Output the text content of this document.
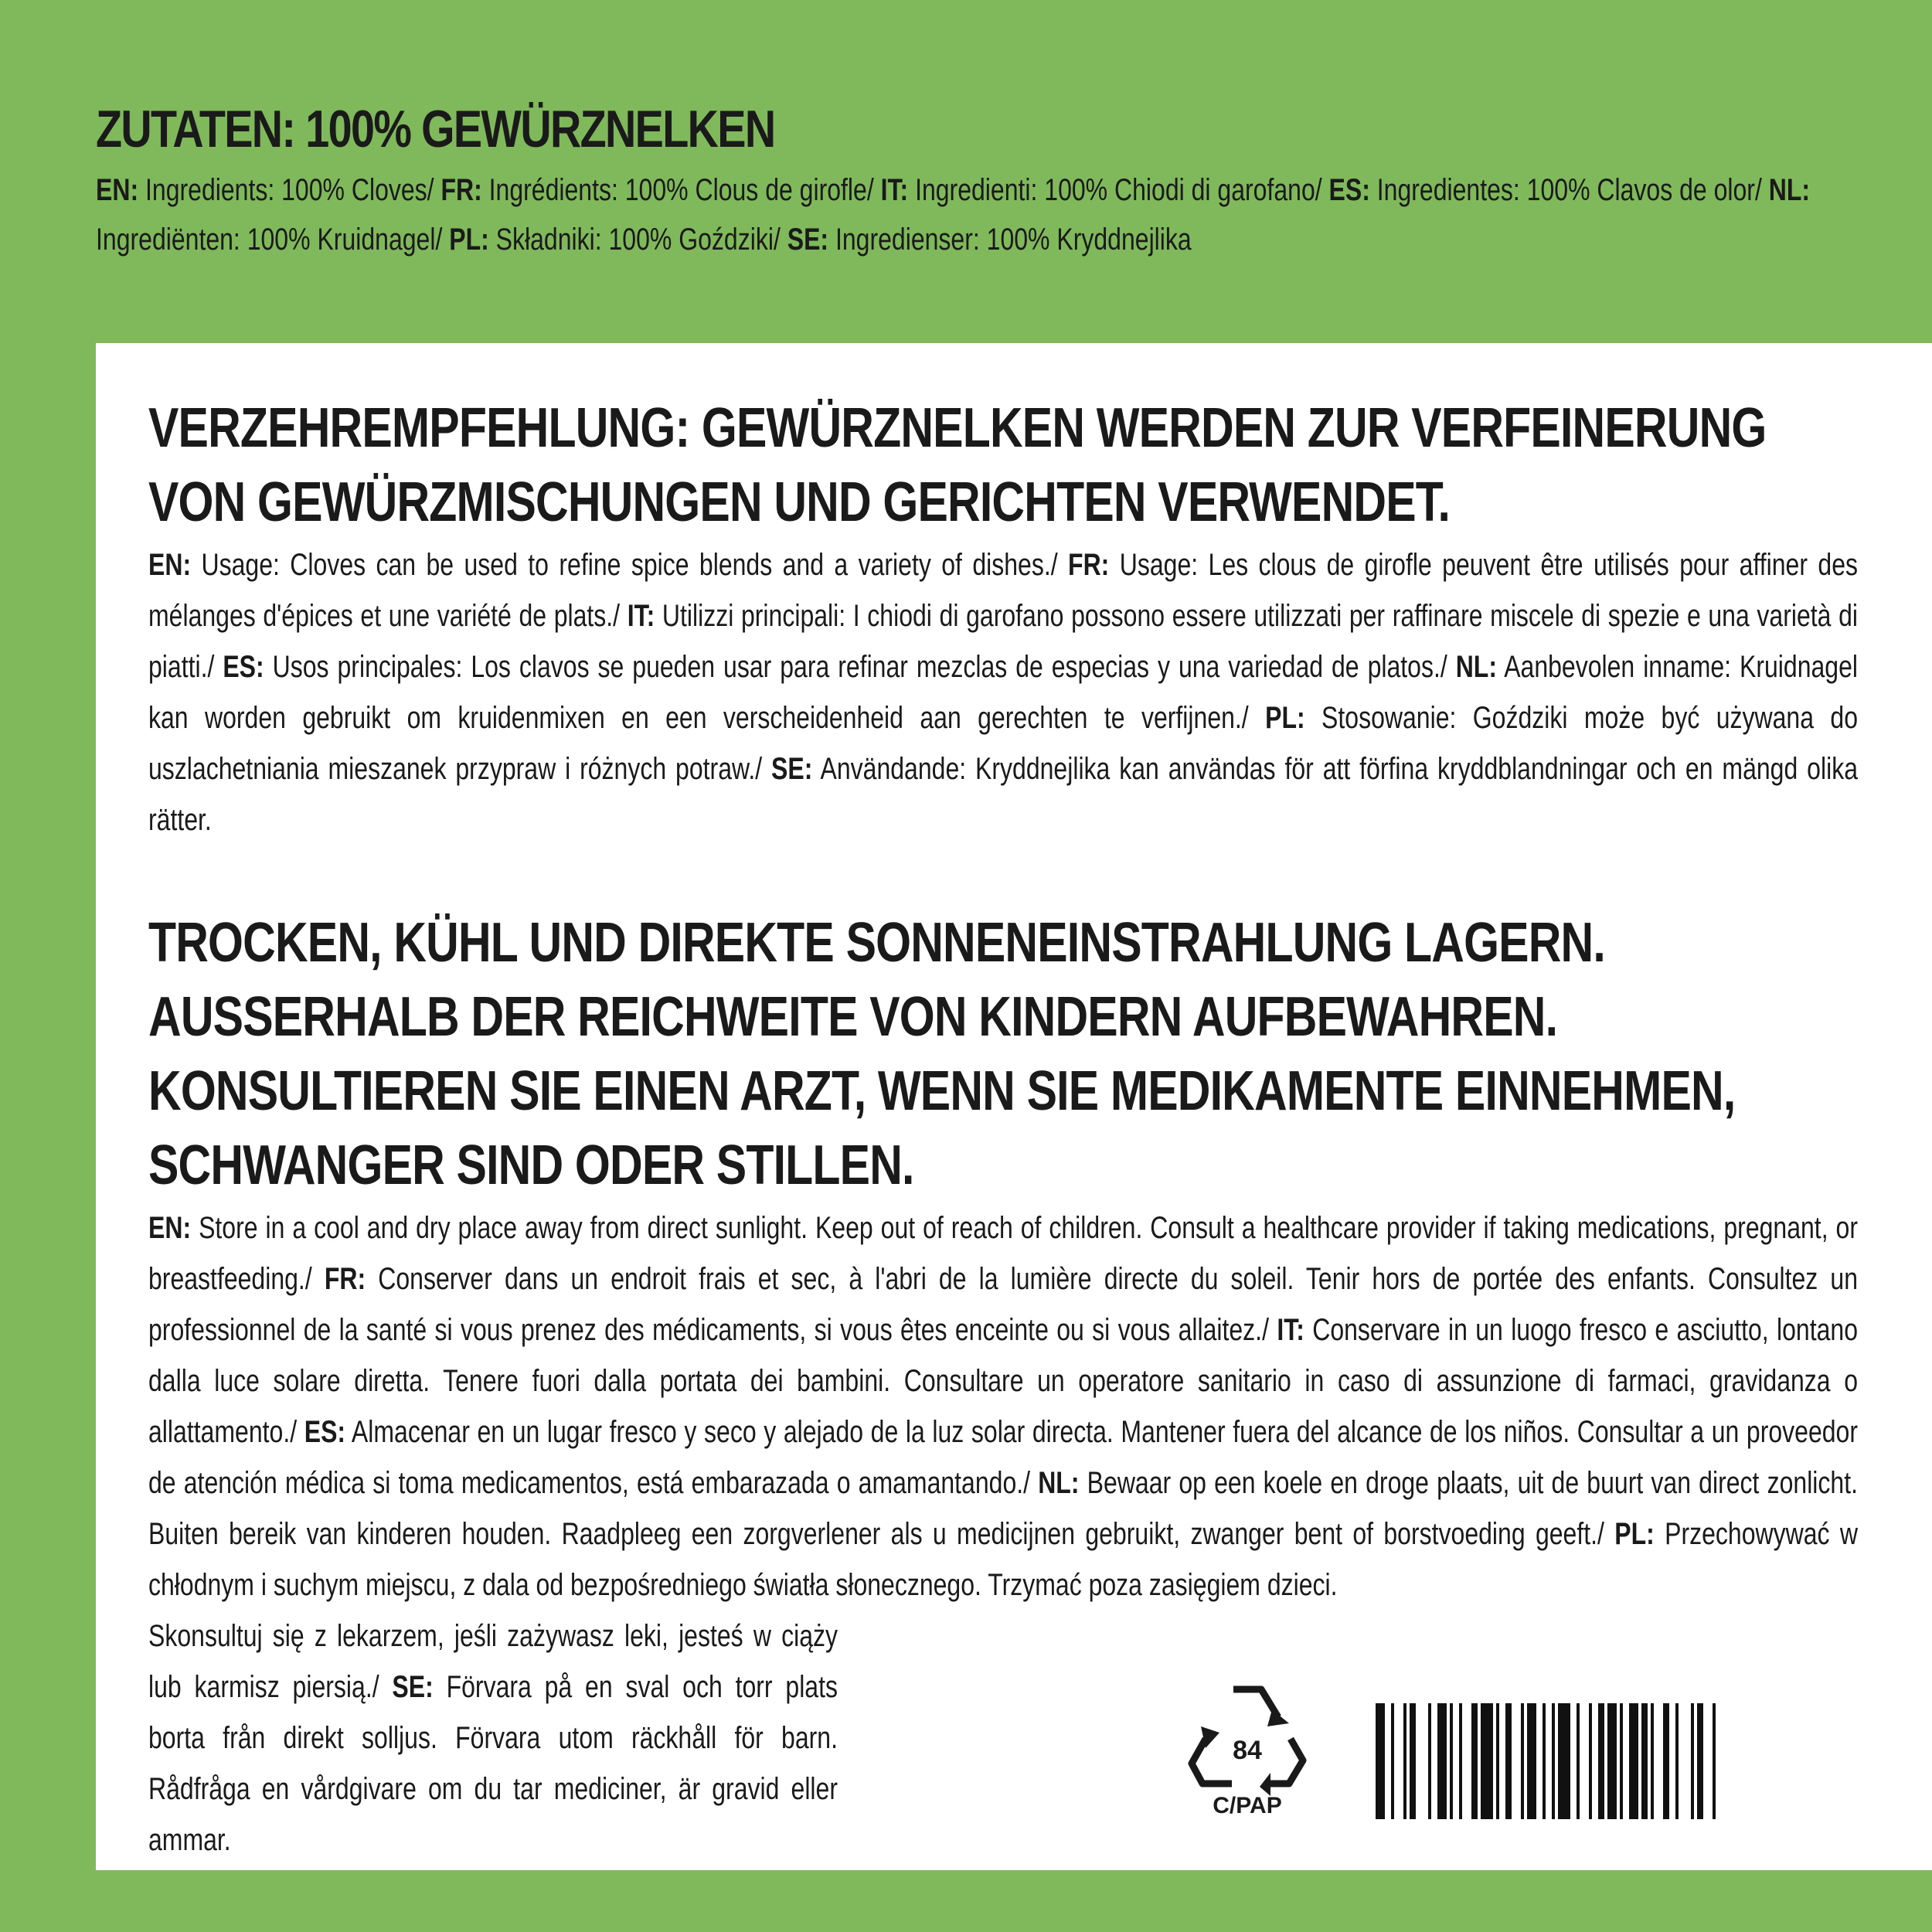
ZUTATEN: 100% GEWÜRZNELKEN

EN: Ingredients: 100% Cloves/ FR: Ingrédients: 100% Clous de girofle/ IT: Ingredienti: 100% Chiodi di garofano/ ES: Ingredientes: 100% Clavos de olor/ NL: Ingrediënten: 100% Kruidnagel/ PL: Składniki: 100% Goździki/ SE: Ingredienser: 100% Kryddnejlika

VERZEHREMPFEHLUNG: GEWÜRZNELKEN WERDEN ZUR VERFEINERUNG VON GEWÜRZMISCHUNGEN UND GERICHTEN VERWENDET.

EN: Usage: Cloves can be used to refine spice blends and a variety of dishes./ FR: Usage: Les clous de girofle peuvent être utilisés pour affiner des mélanges d'épices et une variété de plats./ IT: Utilizzi principali: I chiodi di garofano possono essere utilizzati per raffinare miscele di spezie e una varietà di piatti./ ES: Usos principales: Los clavos se pueden usar para refinar mezclas de especias y una variedad de platos./ NL: Aanbevolen inname: Kruidnagel kan worden gebruikt om kruidenmixen en een verscheidenheid aan gerechten te verfijnen./ PL: Stosowanie: Goździki może być używana do uszlachetniania mieszanek przypraw i różnych potraw./ SE: Användande: Kryddnejlika kan användas för att förfina kryddblandningar och en mängd olika rätter.

TROCKEN, KÜHL UND DIREKTE SONNENEINSTRAHLUNG LAGERN. AUSSERHALB DER REICHWEITE VON KINDERN AUFBEWAHREN. KONSULTIEREN SIE EINEN ARZT, WENN SIE MEDIKAMENTE EINNEHMEN, SCHWANGER SIND ODER STILLEN.

EN: Store in a cool and dry place away from direct sunlight. Keep out of reach of children. Consult a healthcare provider if taking medications, pregnant, or breastfeeding./ FR: Conserver dans un endroit frais et sec, à l'abri de la lumière directe du soleil. Tenir hors de portée des enfants. Consultez un professionnel de la santé si vous prenez des médicaments, si vous êtes enceinte ou si vous allaitez./ IT: Conservare in un luogo fresco e asciutto, lontano dalla luce solare diretta. Tenere fuori dalla portata dei bambini. Consultare un operatore sanitario in caso di assunzione di farmaci, gravidanza o allattamento./ ES: Almacenar en un lugar fresco y seco y alejado de la luz solar directa. Mantener fuera del alcance de los niños. Consultar a un proveedor de atención médica si toma medicamentos, está embarazada o amamantando./ NL: Bewaar op een koele en droge plaats, uit de buurt van direct zonlicht. Buiten bereik van kinderen houden. Raadpleeg een zorgverlener als u medicijnen gebruikt, zwanger bent of borstvoeding geeft./ PL: Przechowywać w chłodnym i suchym miejscu, z dala od bezpośredniego światła słonecznego. Trzymać poza zasięgiem dzieci.

Skonsultuj się z lekarzem, jeśli zażywasz leki, jesteś w ciąży lub karmisz piersią./ SE: Förvara på en sval och torr plats borta från direkt solljus. Förvara utom räckhåll för barn. Rådfråga en vårdgivare om du tar mediciner, är gravid eller ammar.

84
C/PAP
